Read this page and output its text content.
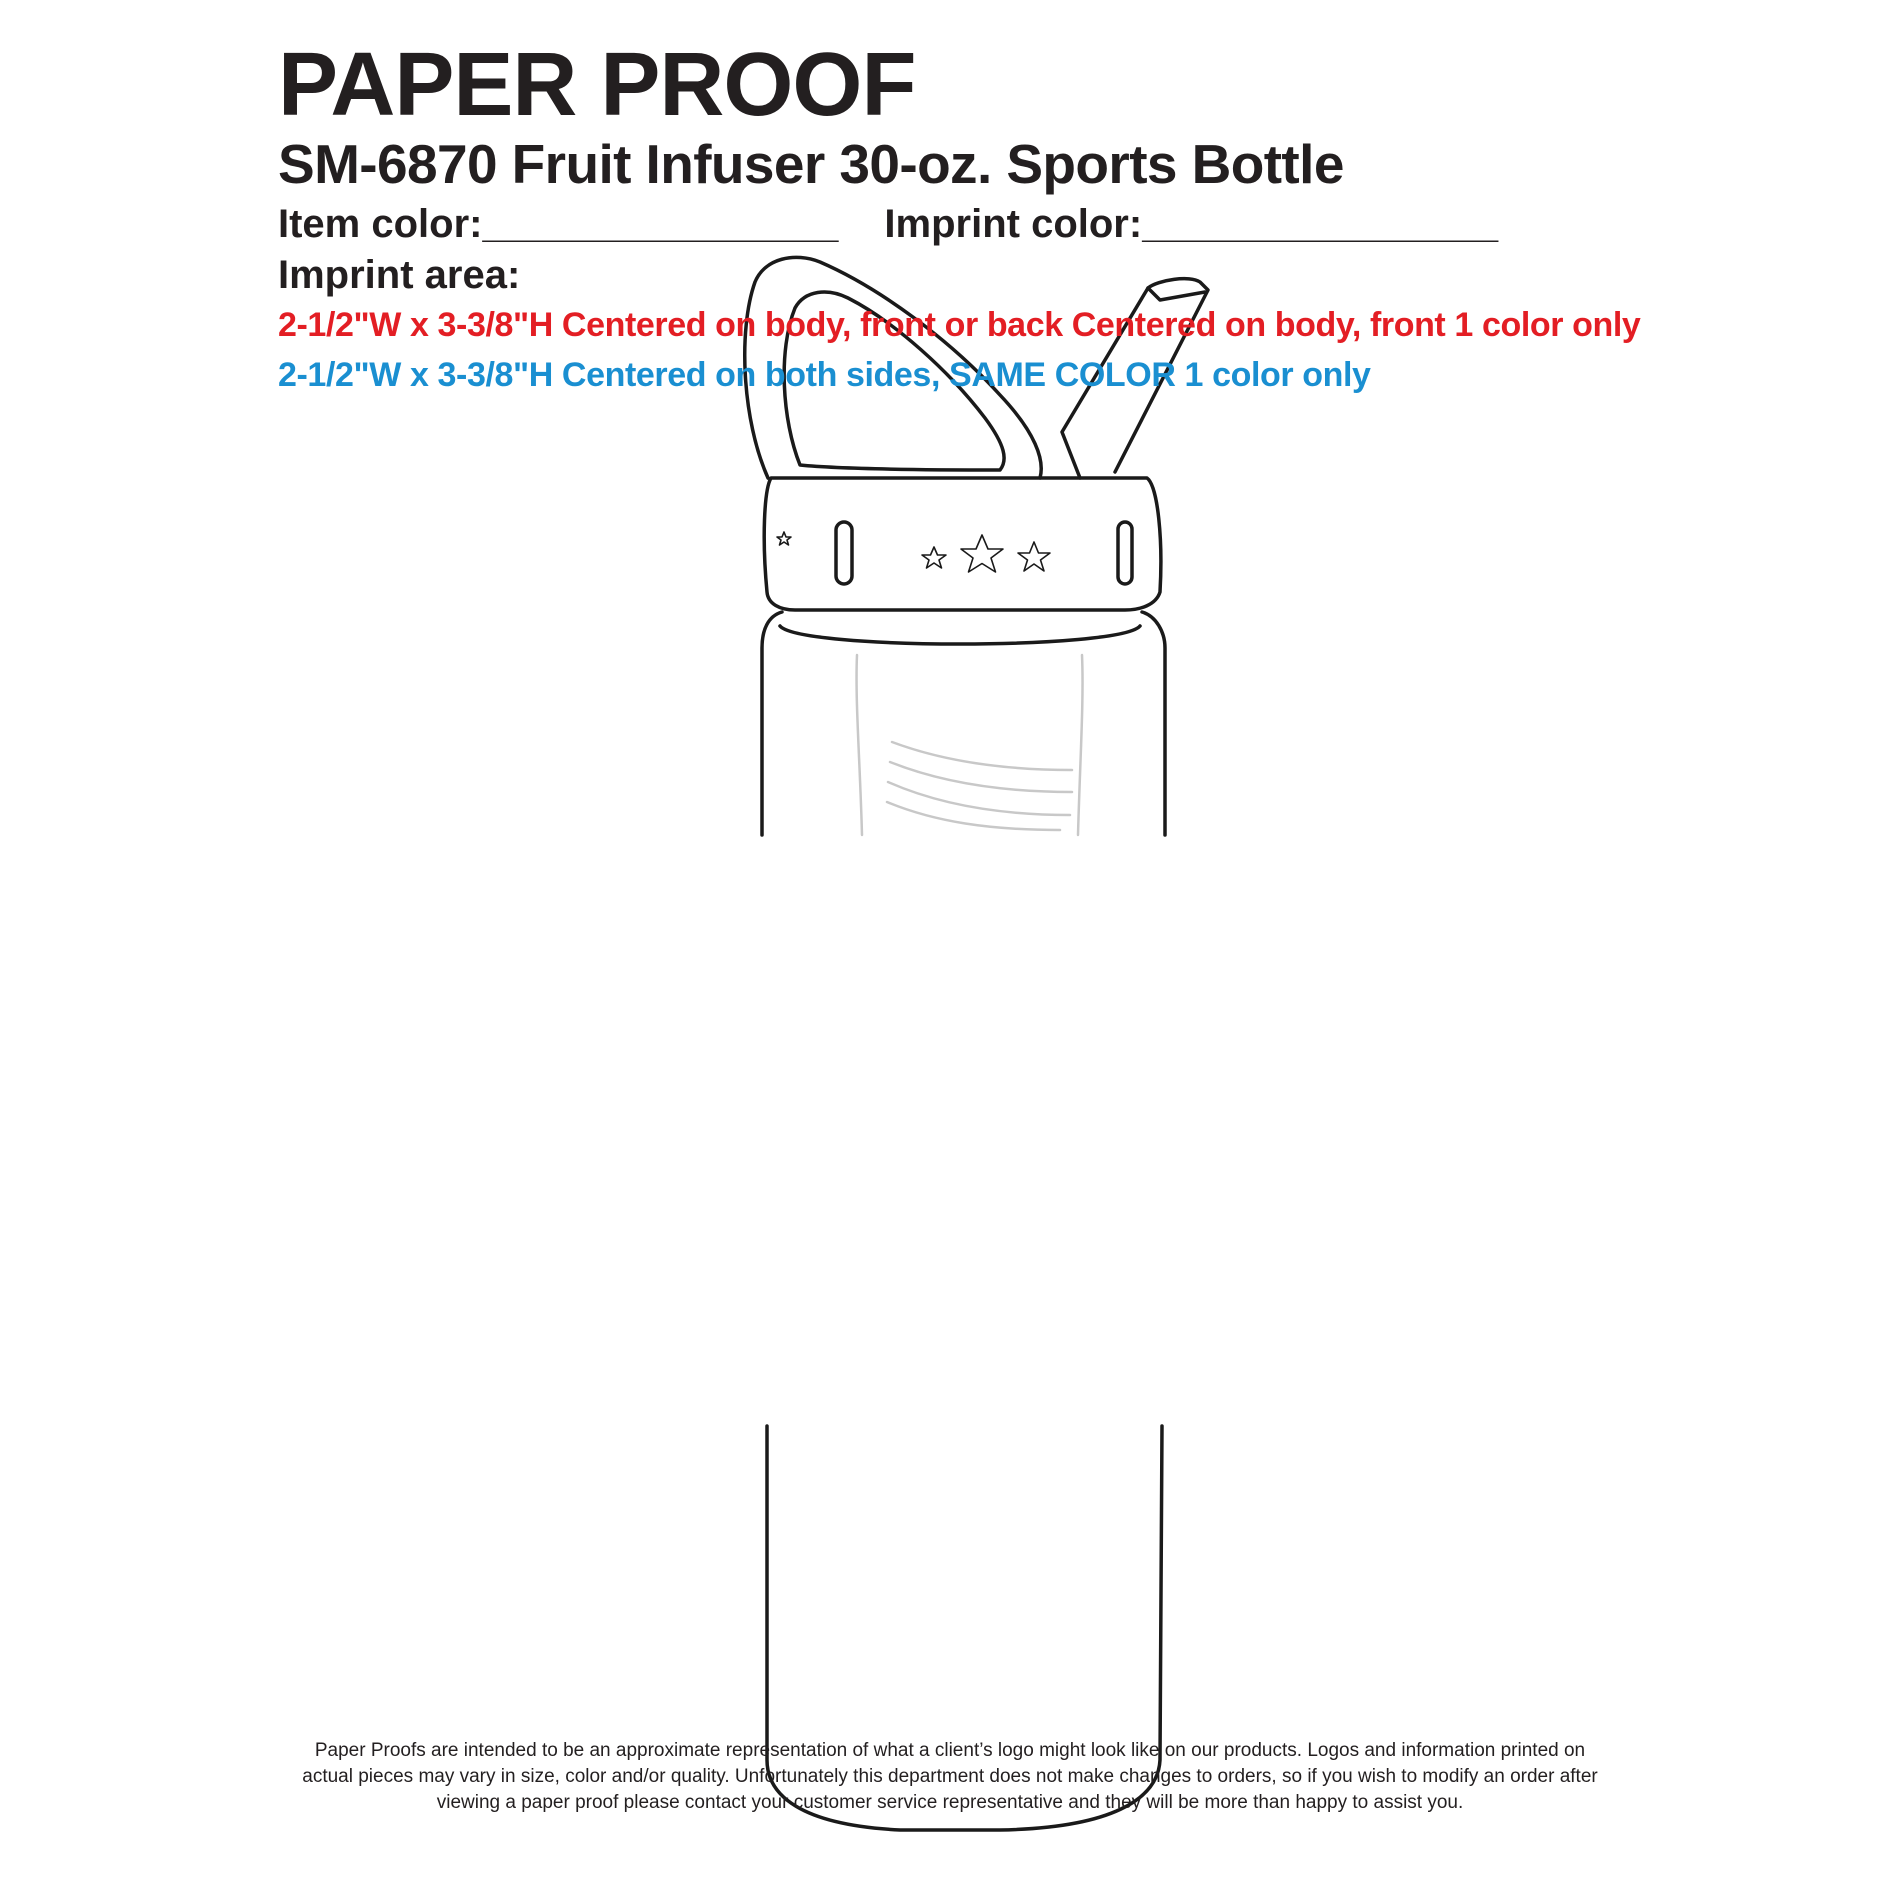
PAPER PROOF
SM-6870 Fruit Infuser 30-oz. Sports Bottle
Item color:________________ Imprint color:________________
Imprint area:
2-1/2"W x 3-3/8"H Centered on body, front or back Centered on body, front 1 color only
2-1/2"W x 3-3/8"H Centered on both sides, SAME COLOR 1 color only
Paper Proofs are intended to be an approximate representation of what a client’s logo might look like on our products. Logos and information printed on
actual pieces may vary in size, color and/or quality. Unfortunately this department does not make changes to orders, so if you wish to modify an order after
viewing a paper proof please contact your customer service representative and they will be more than happy to assist you.
